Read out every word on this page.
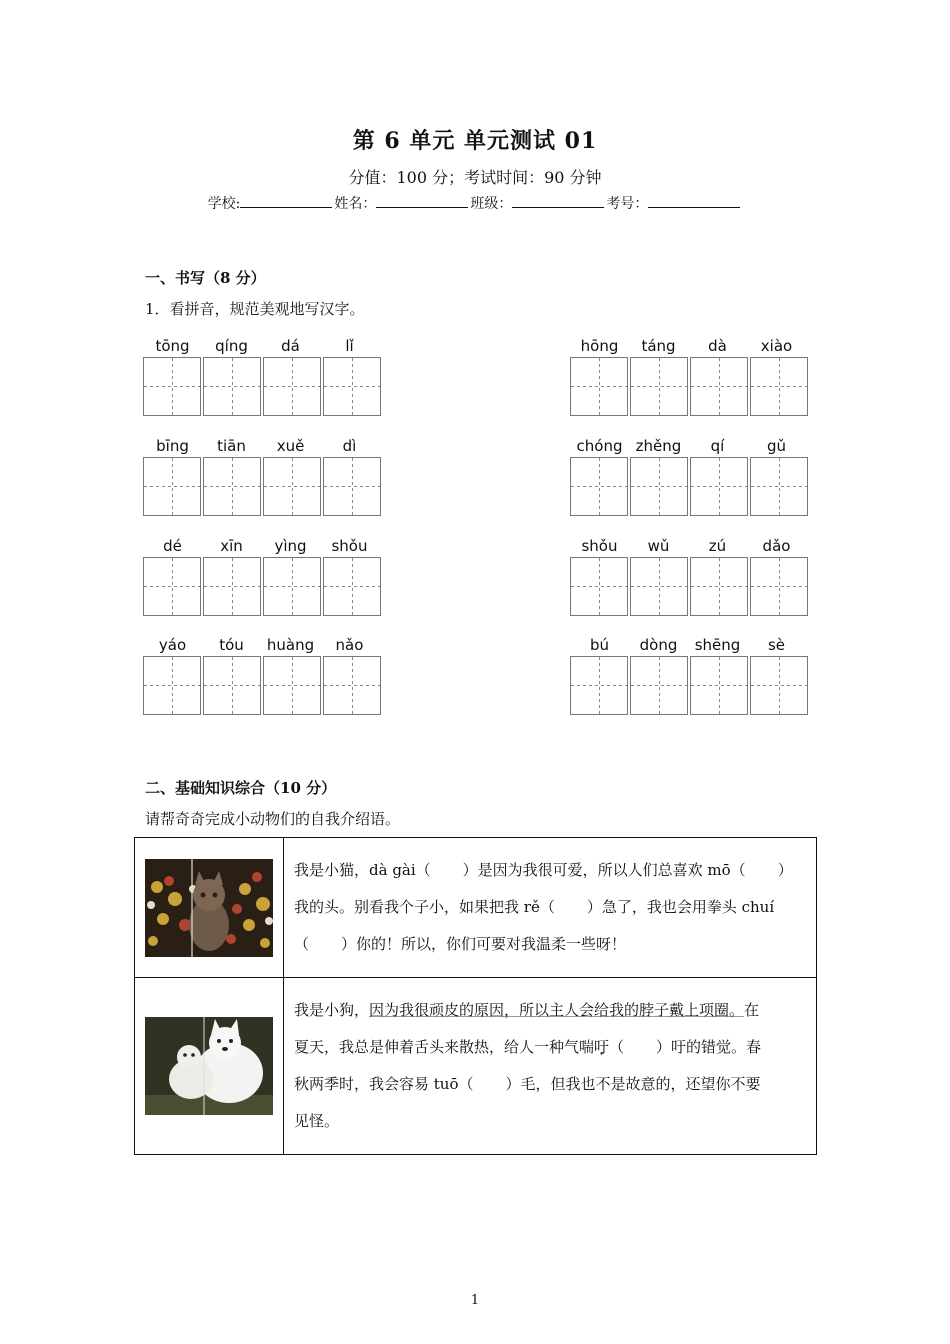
第 6 单元 单元测试 01
分值：100 分；考试时间：90 分钟
学校:	姓名：	班级：	考号：
一、书写（8 分）
1．看拼音，规范美观地写汉字。
tōng	qíng	dá	lǐ
bīng	tiān	xuě	dì
dé	xīn	yìng	shǒu
yáo	tóu	huàng	nǎo
hōng	táng	dà	xiào
chóng zhěng	qí	gǔ
shǒu	wǔ	zú	dǎo
bú	dòng	shēng	sè
二、基础知识综合（10 分）
请帮奇奇完成小动物们的自我介绍语。
	我是小猫，dà gài（ ）是因为我很可爱，所以人们总喜欢 mō（ ）
我的头。别看我个子小，如果把我 rě（ ）急了，我也会用拳头 chuí
（ ）你的！所以，你们可要对我温柔一些呀！

	我是小狗，因为我很顽皮的原因，所以主人会给我的脖子戴上项圈。在
夏天，我总是伸着舌头来散热，给人一种气喘吁（ ）吁的错觉。春
秋两季时，我会容易 tuō（ ）毛，但我也不是故意的，还望你不要
见怪。
1
